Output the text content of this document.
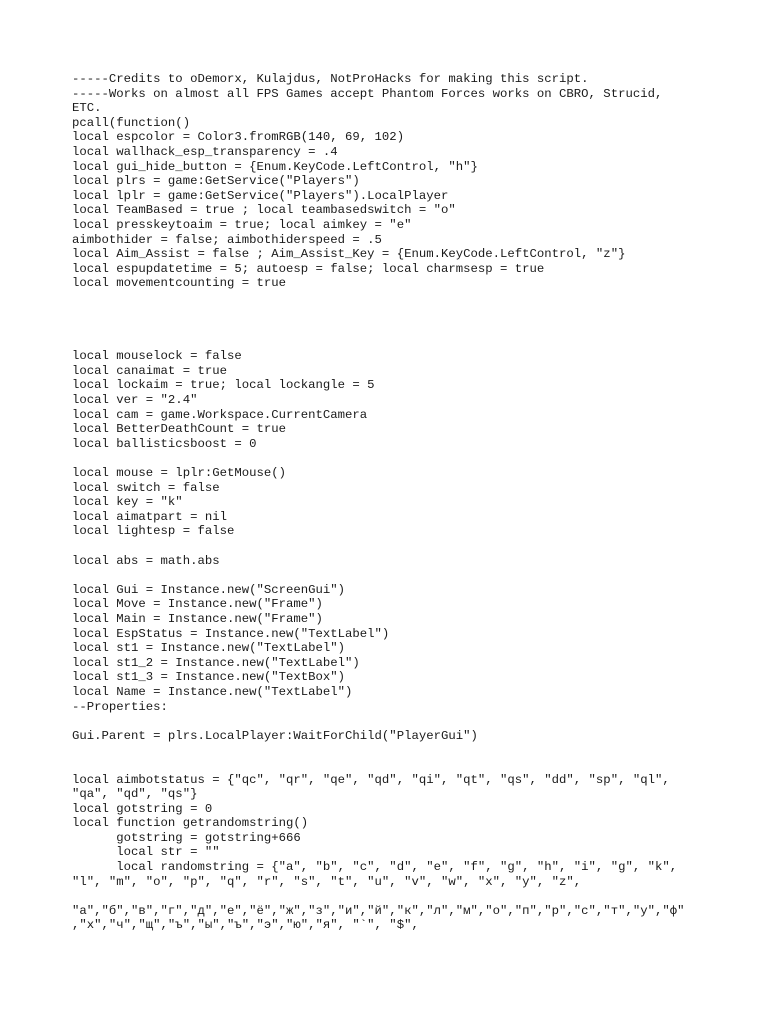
-----Credits to oDemorx, Kulajdus, NotProHacks for making this script.
-----Works on almost all FPS Games accept Phantom Forces works on CBRO, Strucid,
ETC.
pcall(function()
local espcolor = Color3.fromRGB(140, 69, 102)
local wallhack_esp_transparency = .4
local gui_hide_button = {Enum.KeyCode.LeftControl, "h"}
local plrs = game:GetService("Players")
local lplr = game:GetService("Players").LocalPlayer
local TeamBased = true ; local teambasedswitch = "o"
local presskeytoaim = true; local aimkey = "e"
aimbothider = false; aimbothiderspeed = .5
local Aim_Assist = false ; Aim_Assist_Key = {Enum.KeyCode.LeftControl, "z"}
local espupdatetime = 5; autoesp = false; local charmsesp = true
local movementcounting = true
local mouselock = false
local canaimat = true
local lockaim = true; local lockangle = 5
local ver = "2.4"
local cam = game.Workspace.CurrentCamera
local BetterDeathCount = true
local ballisticsboost = 0
local mouse = lplr:GetMouse()
local switch = false
local key = "k"
local aimatpart = nil
local lightesp = false
local abs = math.abs
local Gui = Instance.new("ScreenGui")
local Move = Instance.new("Frame")
local Main = Instance.new("Frame")
local EspStatus = Instance.new("TextLabel")
local st1 = Instance.new("TextLabel")
local st1_2 = Instance.new("TextLabel")
local st1_3 = Instance.new("TextBox")
local Name = Instance.new("TextLabel")
--Properties:
Gui.Parent = plrs.LocalPlayer:WaitForChild("PlayerGui")
local aimbotstatus = {"qc", "qr", "qe", "qd", "qi", "qt", "qs", "dd", "sp", "ql",
"qa", "qd", "qs"}
local gotstring = 0
local function getrandomstring()
gotstring = gotstring+666
local str = ""
local randomstring = {"a", "b", "c", "d", "e", "f", "g", "h", "i", "g", "k",
"l", "m", "o", "p", "q", "r", "s", "t", "u", "v", "w", "x", "y", "z",
"а","б","в","г","д","е","ё","ж","з","и","й","к","л","м","о","п","р","с","т","у","ф"
,"х","ч","щ","ъ","ы","ъ","э","ю","я", "`", "$",
